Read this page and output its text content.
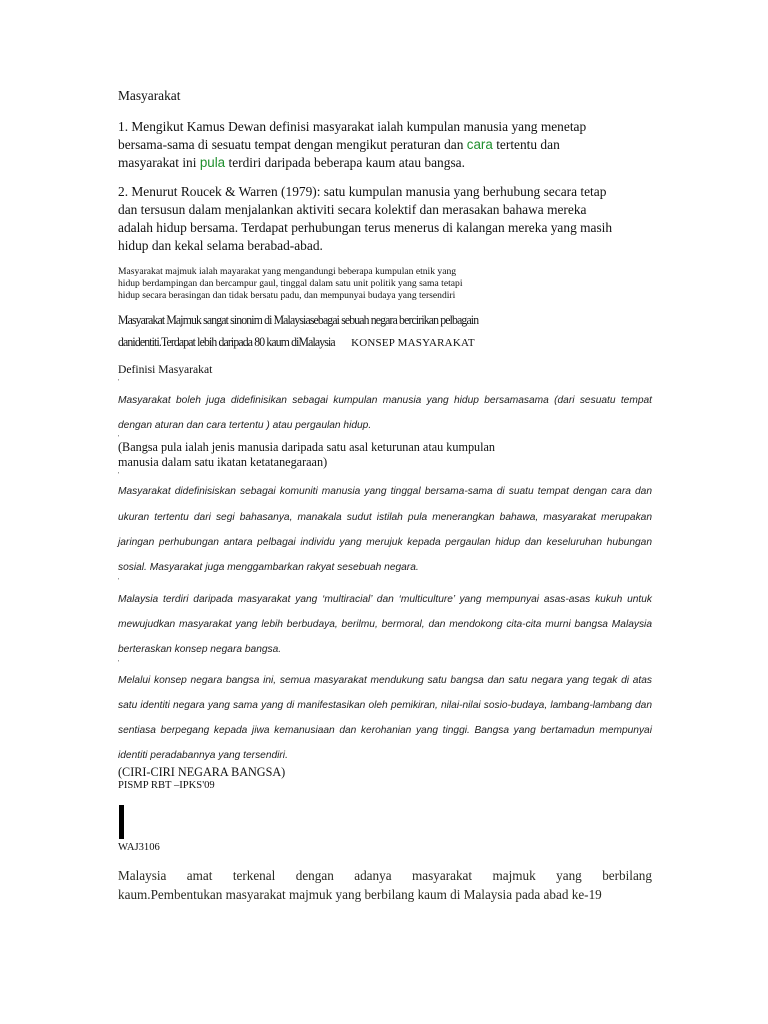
Masyarakat
1. Mengikut Kamus Dewan definisi masyarakat ialah kumpulan manusia yang menetap
bersama-sama di sesuatu tempat dengan mengikut peraturan dan cara tertentu dan
masyarakat ini pula terdiri daripada beberapa kaum atau bangsa.
2. Menurut Roucek & Warren (1979): satu kumpulan manusia yang berhubung secara tetap
dan tersusun dalam menjalankan aktiviti secara kolektif dan merasakan bahawa mereka
adalah hidup bersama. Terdapat perhubungan terus menerus di kalangan mereka yang masih
hidup dan kekal selama berabad-abad.
Masyarakat majmuk ialah mayarakat yang mengandungi beberapa kumpulan etnik yang
hidup berdampingan dan bercampur gaul, tinggal dalam satu unit politik yang sama tetapi
hidup secara berasingan dan tidak bersatu padu, dan mempunyai budaya yang tersendiri
Masyarakat Majmuk sangat sinonim di Malaysiasebagai sebuah negara bercirikan pelbagain
danidentiti.Terdapat lebih daripada 80 kaum diMalaysia KONSEP MASYARAKAT
Definisi Masyarakat
'
Masyarakat boleh juga didefinisikan sebagai kumpulan manusia yang hidup bersamasama (dari sesuatu tempat
dengan aturan dan cara tertentu ) atau pergaulan hidup.
'
(Bangsa pula ialah jenis manusia daripada satu asal keturunan atau kumpulan
manusia dalam satu ikatan ketatanegaraan)
'
Masyarakat didefinisiskan sebagai komuniti manusia yang tinggal bersama-sama di suatu tempat dengan cara dan
ukuran tertentu dari segi bahasanya, manakala sudut istilah pula menerangkan bahawa, masyarakat merupakan
jaringan perhubungan antara pelbagai individu yang merujuk kepada pergaulan hidup dan keseluruhan hubungan
sosial. Masyarakat juga menggambarkan rakyat sesebuah negara.
'
Malaysia terdiri daripada masyarakat yang ‘multiracial’ dan ‘multiculture’ yang mempunyai asas-asas kukuh untuk
mewujudkan masyarakat yang lebih berbudaya, berilmu, bermoral, dan mendokong cita-cita murni bangsa Malaysia
berteraskan konsep negara bangsa.
'
Melalui konsep negara bangsa ini, semua masyarakat mendukung satu bangsa dan satu negara yang tegak di atas
satu identiti negara yang sama yang di manifestasikan oleh pemikiran, nilai-nilai sosio-budaya, lambang-lambang dan
sentiasa berpegang kepada jiwa kemanusiaan dan kerohanian yang tinggi. Bangsa yang bertamadun mempunyai
identiti peradabannya yang tersendiri.
(CIRI-CIRI NEGARA BANGSA)
PISMP RBT –IPKS'09
WAJ3106
Malaysia amat terkenal dengan adanya masyarakat majmuk yang berbilang
kaum.Pembentukan masyarakat majmuk yang berbilang kaum di Malaysia pada abad ke-19
